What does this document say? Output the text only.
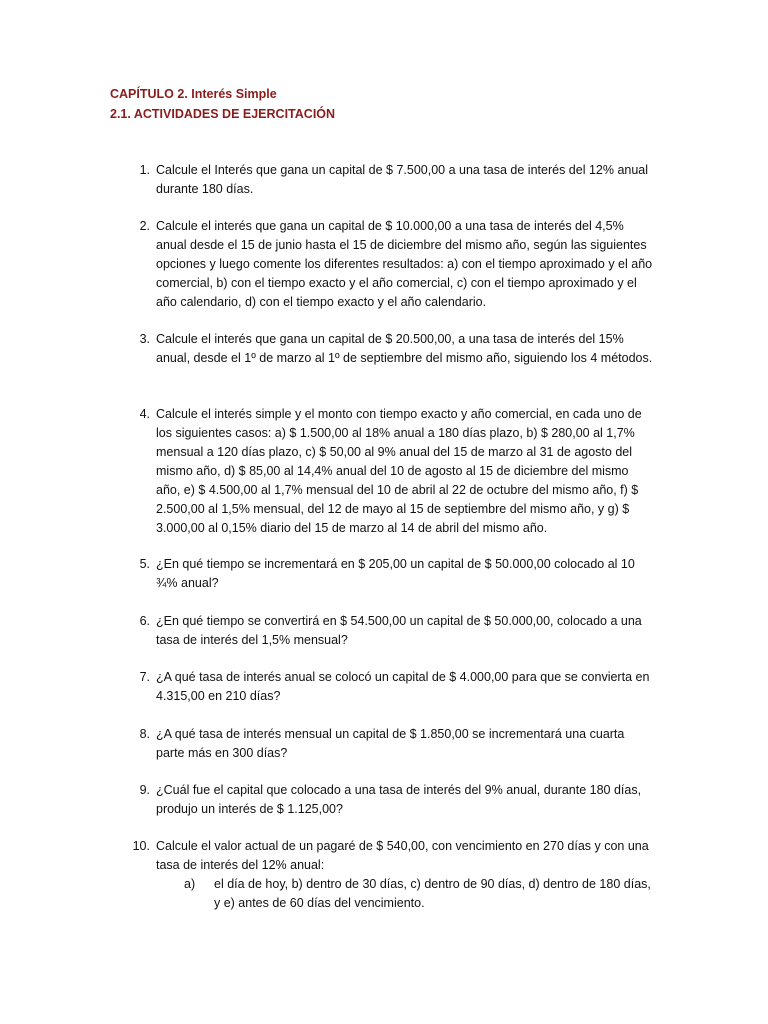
CAPÍTULO 2. Interés Simple
2.1. ACTIVIDADES DE EJERCITACIÓN
1. Calcule el Interés que gana un capital de $ 7.500,00 a una tasa de interés del 12% anual durante 180 días.
2. Calcule el interés que gana un capital de $ 10.000,00 a una tasa de interés del 4,5% anual desde el 15 de junio hasta el 15 de diciembre del mismo año, según las siguientes opciones y luego comente los diferentes resultados: a) con el tiempo aproximado y el año comercial, b) con el tiempo exacto y el año comercial, c) con el tiempo aproximado y el año calendario, d) con el tiempo exacto y el año calendario.
3. Calcule el interés que gana un capital de $ 20.500,00, a una tasa de interés del 15% anual, desde el 1º de marzo al 1º de septiembre del mismo año, siguiendo los 4 métodos.
4. Calcule el interés simple y el monto con tiempo exacto y año comercial, en cada uno de los siguientes casos: a) $ 1.500,00 al 18% anual a 180 días plazo, b) $ 280,00 al 1,7% mensual a 120 días plazo, c) $ 50,00 al 9% anual del 15 de marzo al 31 de agosto del mismo año, d) $ 85,00 al 14,4% anual del 10 de agosto al 15 de diciembre del mismo año, e) $ 4.500,00 al 1,7% mensual del 10 de abril al 22 de octubre del mismo año, f) $ 2.500,00 al 1,5% mensual, del 12 de mayo al 15 de septiembre del mismo año, y g) $ 3.000,00 al 0,15% diario del 15 de marzo al 14 de abril del mismo año.
5. ¿En qué tiempo se incrementará en $ 205,00 un capital de $ 50.000,00 colocado al 10 ¾% anual?
6. ¿En qué tiempo se convertirá en $ 54.500,00 un capital de $ 50.000,00, colocado a una tasa de interés del 1,5% mensual?
7. ¿A qué tasa de interés anual se colocó un capital de $ 4.000,00 para que se convierta en 4.315,00 en 210 días?
8. ¿A qué tasa de interés mensual un capital de $ 1.850,00 se incrementará una cuarta parte más en 300 días?
9. ¿Cuál fue el capital que colocado a una tasa de interés del 9% anual, durante 180 días, produjo un interés de $ 1.125,00?
10. Calcule el valor actual de un pagaré de $ 540,00, con vencimiento en 270 días y con una tasa de interés del 12% anual:
a) el día de hoy, b) dentro de 30 días, c) dentro de 90 días, d) dentro de 180 días, y e) antes de 60 días del vencimiento.
